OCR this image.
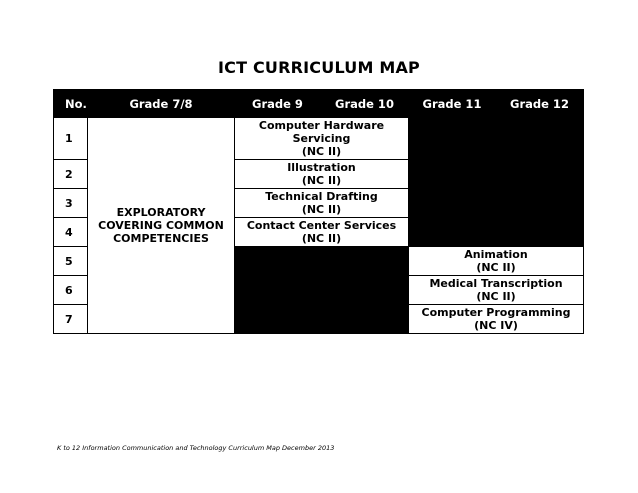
ICT CURRICULUM MAP
No.	Grade 7/8	Grade 9	Grade 10	Grade 11	Grade 12
1	EXPLORATORY
COVERING COMMON
COMPETENCIES	Computer Hardware
Servicing
(NC II)			

2		Illustration
(NC II)			

3		Technical Drafting
(NC II)			

4		Contact Center Services
(NC II)			

5				Animation
(NC II)	

6				Medical Transcription
(NC II)	

7				Computer Programming
(NC IV)	
K to 12 Information Communication and Technology Curriculum Map December 2013
